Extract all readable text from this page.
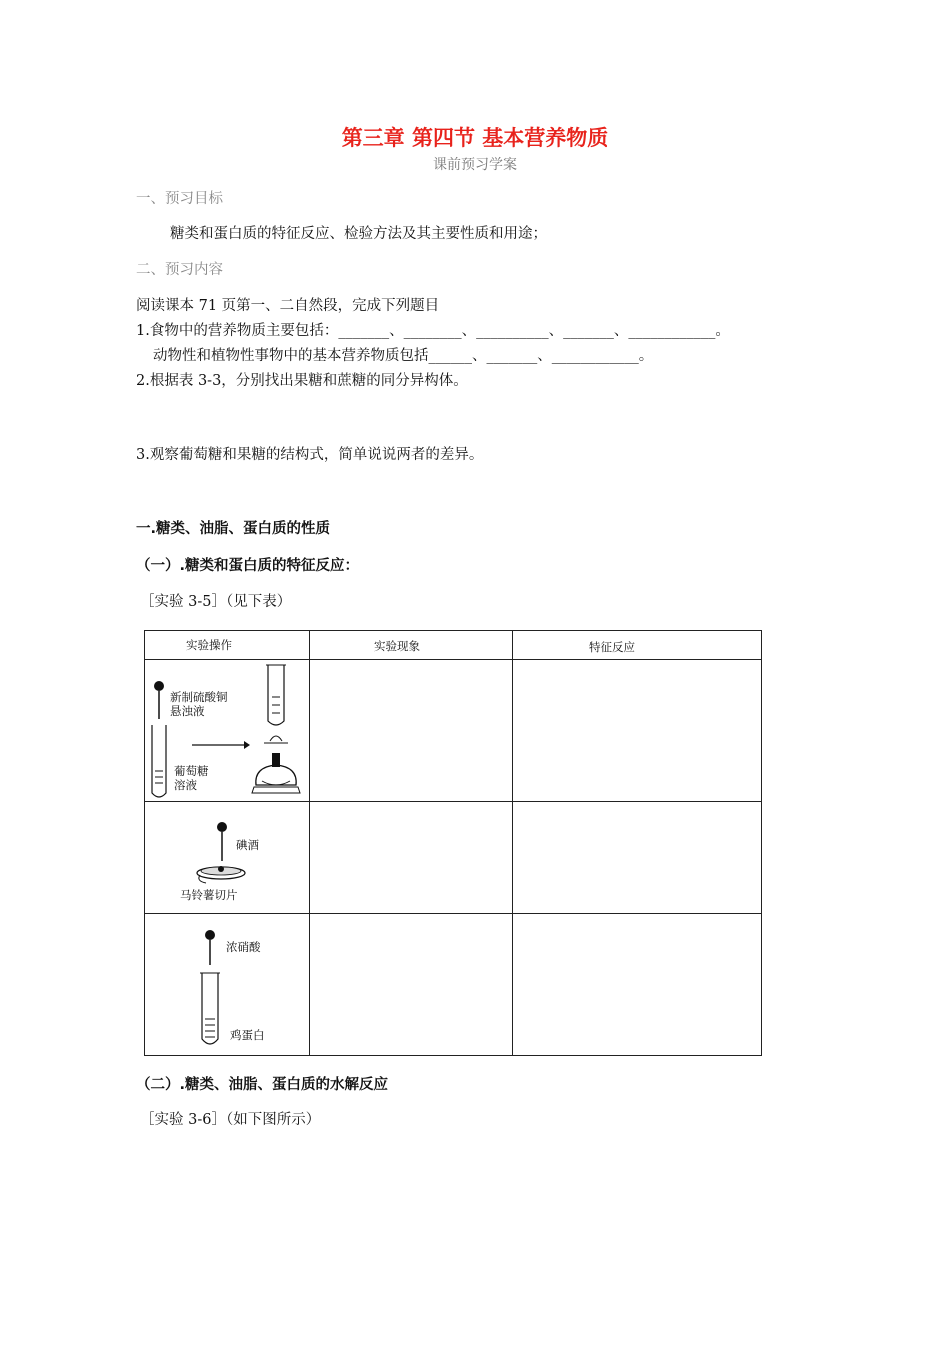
第三章 第四节 基本营养物质
课前预习学案
一、预习目标
糖类和蛋白质的特征反应、检验方法及其主要性质和用途；
二、预习内容
阅读课本 71 页第一、二自然段，完成下列题目
1.食物中的营养物质主要包括：_______、________、__________、_______、____________。
动物性和植物性事物中的基本营养物质包括______、_______、____________。
2.根据表 3-3，分别找出果糖和蔗糖的同分异构体。
3.观察葡萄糖和果糖的结构式，简单说说两者的差异。
一.糖类、油脂、蛋白质的性质
（一）.糖类和蛋白质的特征反应：
［实验 3-5］（见下表）
实验操作	实验现象	特征反应
新制硫酸铜
悬浊液
葡萄糖
溶液
碘酒
马铃薯切片
浓硝酸
鸡蛋白
（二）.糖类、油脂、蛋白质的水解反应
［实验 3-6］（如下图所示）
